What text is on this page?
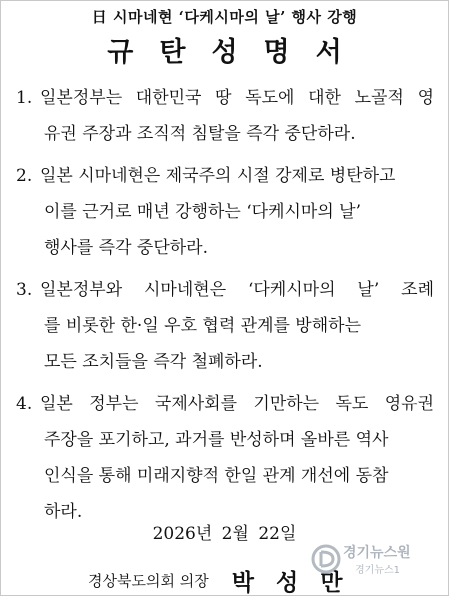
日 시마네현 ‘다케시마의 날’ 행사 강행
규탄성명서
1. 일본정부는 대한민국 땅 독도에 대한 노골적 영
유권 주장과 조직적 침탈을 즉각 중단하라.
2. 일본 시마네현은 제국주의 시절 강제로 병탄하고
이를 근거로 매년 강행하는 ‘다케시마의 날’
행사를 즉각 중단하라.
3. 일본정부와 시마네현은 ‘다케시마의 날’ 조례
를 비롯한 한·일 우호 협력 관계를 방해하는
모든 조치들을 즉각 철폐하라.
4. 일본 정부는 국제사회를 기만하는 독도 영유권
주장을 포기하고, 과거를 반성하며 올바른 역사
인식을 통해 미래지향적 한일 관계 개선에 동참
하라.
2026년 2월 22일
경상북도의회 의장 박성만
경기뉴스원
경기뉴스1
